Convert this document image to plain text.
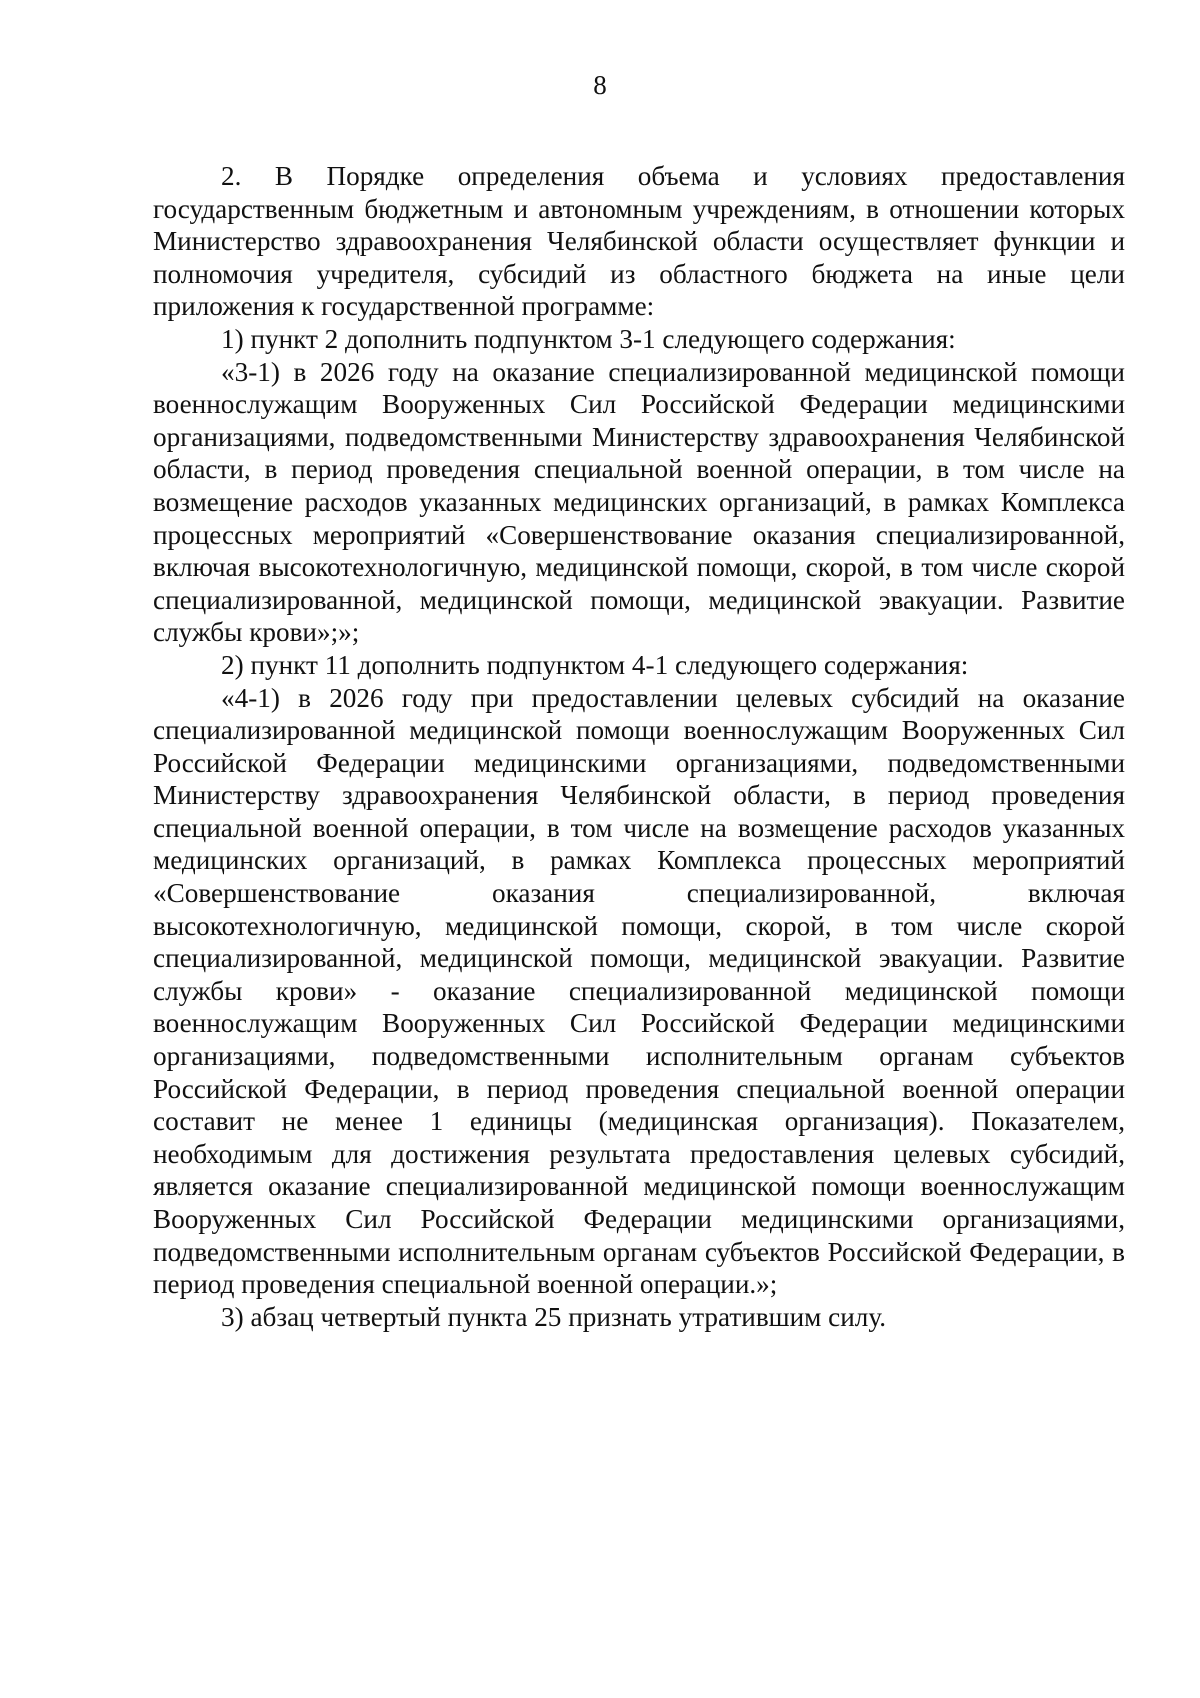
8

2. В Порядке определения объема и условиях предоставления государственным бюджетным и автономным учреждениям, в отношении которых Министерство здравоохранения Челябинской области осуществляет функции и полномочия учредителя, субсидий из областного бюджета на иные цели приложения к государственной программе:

1) пункт 2 дополнить подпунктом 3-1 следующего содержания:

«3-1) в 2026 году на оказание специализированной медицинской помощи военнослужащим Вооруженных Сил Российской Федерации медицинскими организациями, подведомственными Министерству здравоохранения Челябинской области, в период проведения специальной военной операции, в том числе на возмещение расходов указанных медицинских организаций, в рамках Комплекса процессных мероприятий «Совершенствование оказания специализированной, включая высокотехнологичную, медицинской помощи, скорой, в том числе скорой специализированной, медицинской помощи, медицинской эвакуации. Развитие службы крови»;»;

2) пункт 11 дополнить подпунктом 4-1 следующего содержания:

«4-1) в 2026 году при предоставлении целевых субсидий на оказание специализированной медицинской помощи военнослужащим Вооруженных Сил Российской Федерации медицинскими организациями, подведомственными Министерству здравоохранения Челябинской области, в период проведения специальной военной операции, в том числе на возмещение расходов указанных медицинских организаций, в рамках Комплекса процессных мероприятий «Совершенствование оказания специализированной, включая высокотехнологичную, медицинской помощи, скорой, в том числе скорой специализированной, медицинской помощи, медицинской эвакуации. Развитие службы крови» - оказание специализированной медицинской помощи военнослужащим Вооруженных Сил Российской Федерации медицинскими организациями, подведомственными исполнительным органам субъектов Российской Федерации, в период проведения специальной военной операции составит не менее 1 единицы (медицинская организация). Показателем, необходимым для достижения результата предоставления целевых субсидий, является оказание специализированной медицинской помощи военнослужащим Вооруженных Сил Российской Федерации медицинскими организациями, подведомственными исполнительным органам субъектов Российской Федерации, в период проведения специальной военной операции.»;

3) абзац четвертый пункта 25 признать утратившим силу.
